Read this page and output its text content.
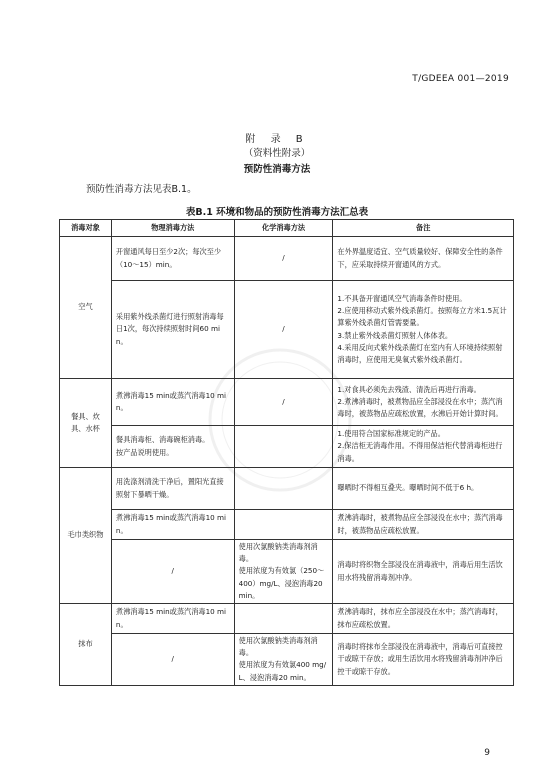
T/GDEEA 001—2019
附 录 B
（资料性附录）
预防性消毒方法
预防性消毒方法见表B.1。
表B.1 环境和物品的预防性消毒方法汇总表
消毒对象	物理消毒方法	化学消毒方法	备注
空气	开窗通风每日至少2次；每次至少（10～15）min。	/	在外界温度适宜、空气质量较好、保障安全性的条件下，应采取持续开窗通风的方式。
	采用紫外线杀菌灯进行照射消毒每日1次，每次持续照射时间60 min。	/	1.不具备开窗通风空气消毒条件时使用。
2.应使用移动式紫外线杀菌灯。按照每立方米1.5瓦计算紫外线杀菌灯管需要量。
3.禁止紫外线杀菌灯照射人体体表。
4.采用反向式紫外线杀菌灯在室内有人环境持续照射消毒时，应使用无臭氧式紫外线杀菌灯。
餐具、炊具、水杯	煮沸消毒15 min或蒸汽消毒10 min。	/	1.对食具必须先去残渣、清洗后再进行消毒。
2.煮沸消毒时，被煮物品应全部浸没在水中；蒸汽消毒时，被蒸物品应疏松放置，水沸后开始计算时间。
	餐具消毒柜、消毒碗柜消毒。
按产品说明使用。		1.使用符合国家标准规定的产品。
2.保洁柜无消毒作用。不得用保洁柜代替消毒柜进行消毒。
毛巾类织物	用洗涤剂清洗干净后，置阳光直接照射下暴晒干燥。		曝晒时不得相互叠夹。曝晒时间不低于6 h。
	煮沸消毒15 min或蒸汽消毒10 min。		煮沸消毒时，被煮物品应全部浸没在水中；蒸汽消毒时，被蒸物品应疏松放置。
	/	使用次氯酸钠类消毒剂消毒。
使用浓度为有效氯（250～400）mg/L、浸泡消毒20 min。	消毒时将织物全部浸没在消毒液中，消毒后用生活饮用水将残留消毒剂冲净。
抹布	煮沸消毒15 min或蒸汽消毒10 min。		煮沸消毒时，抹布应全部浸没在水中；蒸汽消毒时，抹布应疏松放置。
	/	使用次氯酸钠类消毒剂消毒。
使用浓度为有效氯400 mg/L、浸泡消毒20 min。	消毒时将抹布全部浸没在消毒液中，消毒后可直接控干或晾干存放；或用生活饮用水将残留消毒剂冲净后控干或晾干存放。
9
